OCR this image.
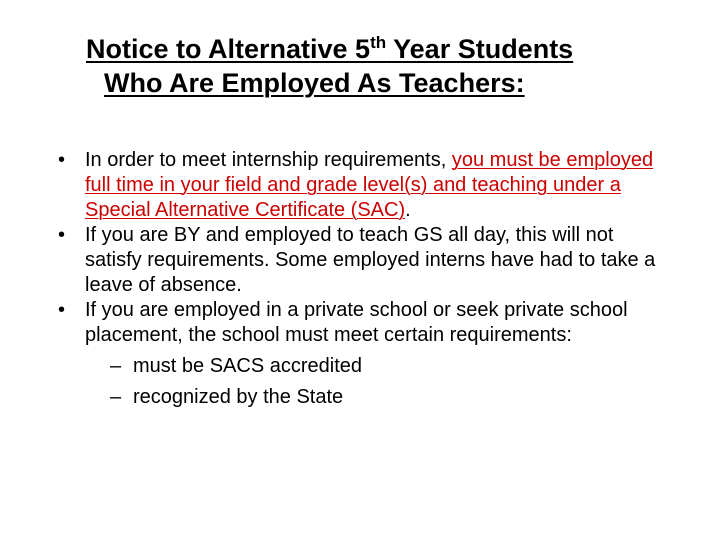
Notice to Alternative 5th Year Students
Who Are Employed As Teachers:
• In order to meet internship requirements, you must be employed full time in your field and grade level(s) and teaching under a Special Alternative Certificate (SAC).
• If you are BY and employed to teach GS all day, this will not satisfy requirements. Some employed interns have had to take a leave of absence.
• If you are employed in a private school or seek private school placement, the school must meet certain requirements:
– must be SACS accredited
– recognized by the State
